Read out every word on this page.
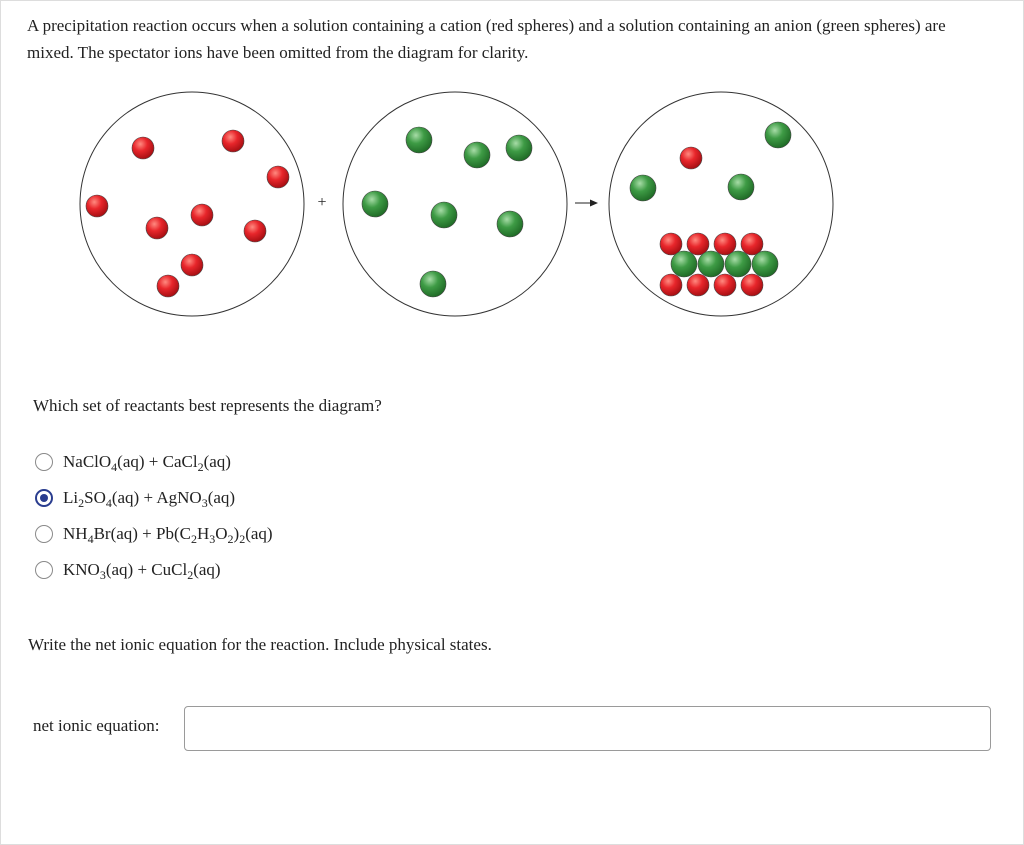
A precipitation reaction occurs when a solution containing a cation (red spheres) and a solution containing an anion (green spheres) are mixed. The spectator ions have been omitted from the diagram for clarity.

+

Which set of reactants best represents the diagram?

NaClO$_4$(aq) + CaCl$_2$(aq)
$Li_2SO_4(aq)$ + AgNO$_3$(aq)
$NH_4Br(aq) + Pb(C_2H_3O_2)_2(aq)$
$KNO_3(aq)$ + CuCl$_2$(aq)

Write the net ionic equation for the reaction. Include physical states.

net ionic equation:
